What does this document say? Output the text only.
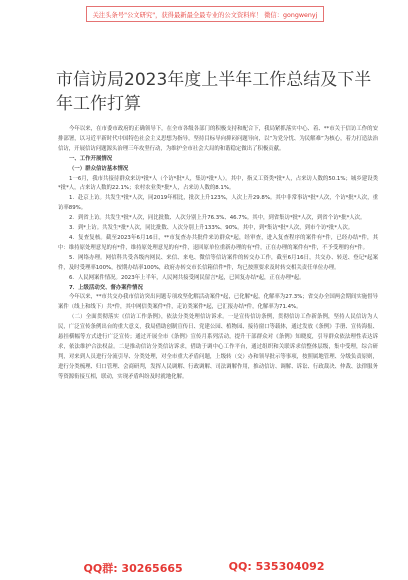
关注头条号"公文研究"，获得最新最全最专业的公文资料库！ 微信：gongwenyj
市信访局2023年度上半年工作总结及下半年工作打算

今年以来，在市委市政府的正确领导下，在全市各级各部门的积极支持和配合下，我局紧抓落实中心、着、**市关于信访工作的安排部署，以习近平新时代中国特色社会主义思想为指导，坚持目标导向抑闷问题导向，以“为党分忧、为民解难”为核心，着力打造法治信访，开展信访问题源头治理三年攻坚行动，为维护全市社会大局的和谐稳定做出了积极贡献。

一、工作开展情况

（一）群众信访基本情况

1一6月，我市共接待群众来访*批*人（个访*批*人，集访*批*人）。其中，指义工资类*批*人，占来访人数的50.1%；城乡建设类*批*人，占来访人数的22.1%；农村农业类*批*人，占来访人数的8.1%。

1．赴京上访。共发生*批*人次，同2019年相比，批次上升123%，人次上升29.8%。其中非常事访*批*人次，个访*批*人次，重访率89%。

2．到省上访。共发生*批*人次，同比批数、人次分别上升76.3%、46.7%。其中，到省集访*批*人次，到省个访*批*人次。

3．到*上访。共发生*批*人次，同比批数、人次分别上升133%、90%。其中，到*集访*批*人次，到市个访*批*人次。

4．复查复核。截至2023年6月16日，**市复查办共批件来访群众*起，经审查，进入复查程序的案件有*件，已经办结*件，其中：维持原处理意见的有*件，维持原处理意见的有*件，退回原单位重新办理的有*件，正在办理的案件有*件，不予受理的有*件。

5．网络办理。网信科共受各级内网民、来信、来电、微信等信访案件的转交办工作，截至6月16日，共交办、转送、登记*起案件，及时受理率100%，按期办结率100%，政府办转交市长信箱信件*件，均已按照要求及时转交相关责任单位办理。

6．人民网案件情况。2023年上半年，人民网共接受网民留言*起，已回复办结*起，正在办理*起。

7．上级活动交、督办案件情况

今年以来，**市共交办我市信访突出问题专项攻坚化解活动案件*起，已化解*起，化解率为27.3%；省交办全国两会期间实施督导案件（线上和线下）共*件，其中网信类案件*件，走访类案件*起，已汇报办结*件，化解率为71.4%。

（二）全面贯彻落实《信访工作条例》，依法分类处理信访诉求。一是宣传信访条例，贯彻信访工作新条例，坚持人民信访为人民，广泛宣传条例出台的重大意义，我局借助创制宣传日、党建公园、植物园、接待窗口等载体，通过发放《条例》手册、宣传海报、悬挂横幅等方式进行广泛宣传；通过开展全市《条例》宣传月系列活动，提升干部群众对《条例》知晓度，引导群众依法理性表达诉求，依法维护合法权益。二是推动信访分类信访诉求，借助于调中心工作平台，通过组织和关联诉求信整体层级，集中受理，综合研判，对来到人员进行分流引导、分类处理，对全市重大矛盾问题，上级转（交）办和领导批示等事项，按照属地管理、分级负责原则，进行分类梳理、归口管理、会商研判，发挥人民调解、行政调解、司法调解作用，推动信访、调解、诉讼、行政裁决、仲裁、法律服务等资源衔接互相，联动，实现矛盾纠纷及时就地化解。

QQ群: 30265665	QQ: 535304092
